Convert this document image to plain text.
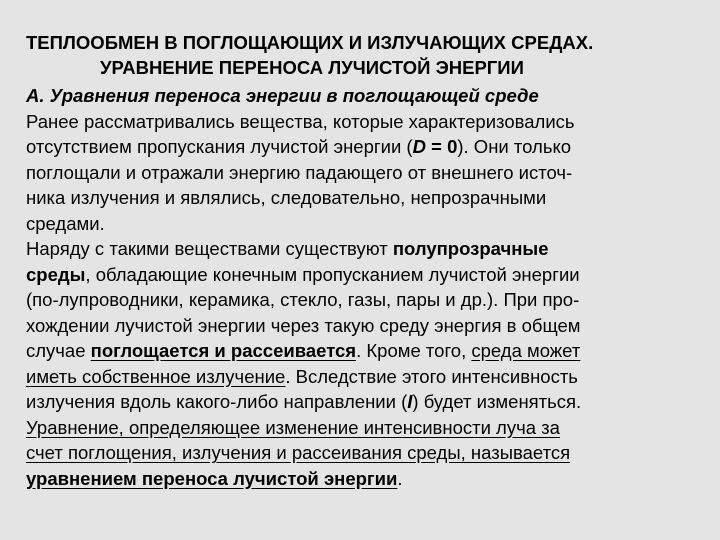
ТЕПЛООБМЕН В ПОГЛОЩАЮЩИХ И ИЗЛУЧАЮЩИХ СРЕДАХ.
УРАВНЕНИЕ ПЕРЕНОСА ЛУЧИСТОЙ ЭНЕРГИИ
А. Уравнения переноса энергии в поглощающей среде
Ранее рассматривались вещества, которые характеризовались
отсутствием пропускания лучистой энергии (D = 0). Они только
поглощали и отражали энергию падающего от внешнего источ-
ника излучения и являлись, следовательно, непрозрачными
средами.
Наряду с такими веществами существуют полупрозрачные
среды, обладающие конечным пропусканием лучистой энергии
(по-лупроводники, керамика, стекло, газы, пары и др.). При про-
хождении лучистой энергии через такую среду энергия в общем
случае поглощается и рассеивается. Кроме того, среда может
иметь собственное излучение. Вследствие этого интенсивность
излучения вдоль какого-либо направлении (I) будет изменяться.
Уравнение, определяющее изменение интенсивности луча за
счет поглощения, излучения и рассеивания среды, называется
уравнением переноса лучистой энергии.
